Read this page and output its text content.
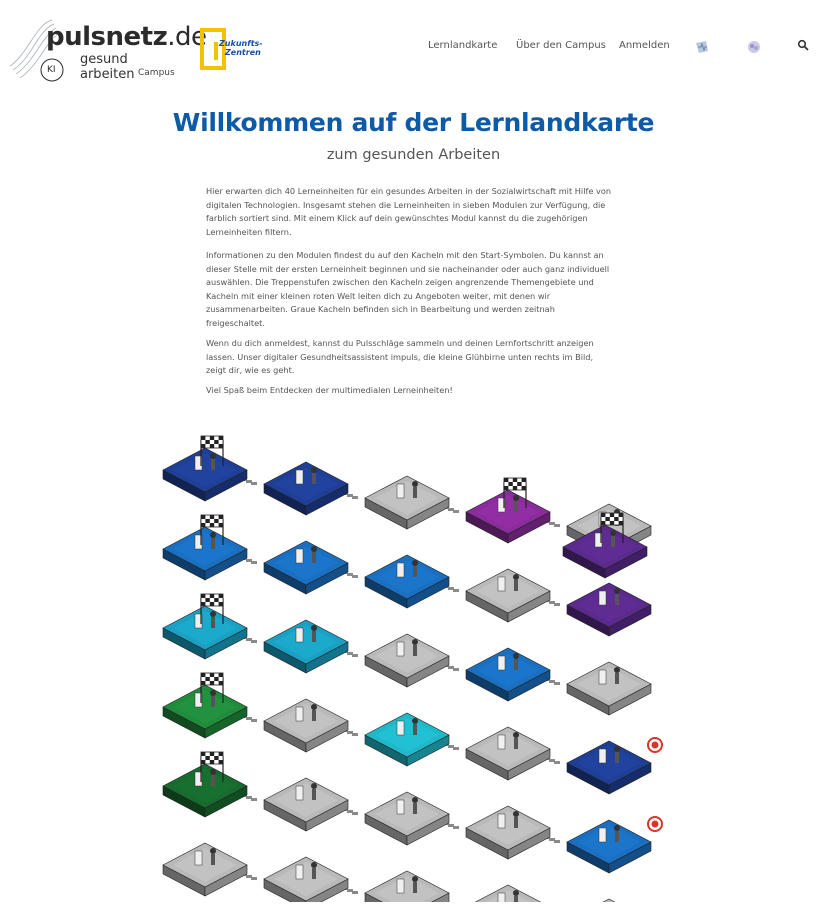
pulsnetz.de
gesund arbeiten Campus
KI
Zukunfts-
Zentren
Lernlandkarte Über den Campus Anmelden
Willkommen auf der Lernlandkarte
zum gesunden Arbeiten
Hier erwarten dich 40 Lerneinheiten für ein gesundes Arbeiten in der Sozialwirtschaft mit Hilfe von
digitalen Technologien. Insgesamt stehen die Lerneinheiten in sieben Modulen zur Verfügung, die
farblich sortiert sind. Mit einem Klick auf dein gewünschtes Modul kannst du die zugehörigen
Lerneinheiten filtern.
Informationen zu den Modulen findest du auf den Kacheln mit den Start-Symbolen. Du kannst an
dieser Stelle mit der ersten Lerneinheit beginnen und sie nacheinander oder auch ganz individuell
auswählen. Die Treppenstufen zwischen den Kacheln zeigen angrenzende Themengebiete und
Kacheln mit einer kleinen roten Welt leiten dich zu Angeboten weiter, mit denen wir
zusammenarbeiten. Graue Kacheln befinden sich in Bearbeitung und werden zeitnah
freigeschaltet.
Wenn du dich anmeldest, kannst du Pulsschläge sammeln und deinen Lernfortschritt anzeigen
lassen. Unser digitaler Gesundheitsassistent impuls, die kleine Glühbirne unten rechts im Bild,
zeigt dir, wie es geht.
Viel Spaß beim Entdecken der multimedialen Lerneinheiten!
